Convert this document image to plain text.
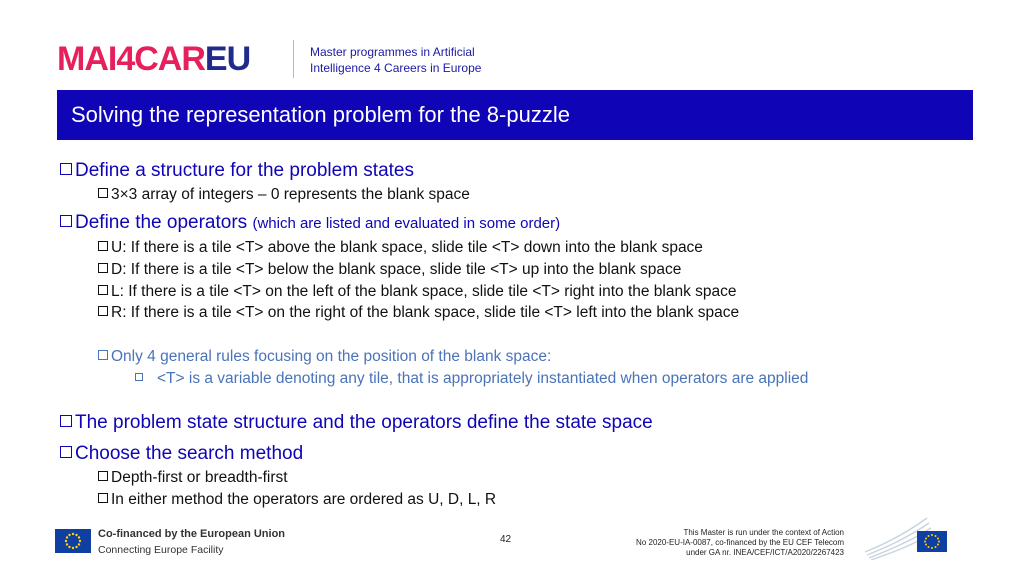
MAI4CAREU	Master programmes in Artificial
Intelligence 4 Careers in Europe
Solving the representation problem for the 8-puzzle
Define a structure for the problem states
3×3 array of integers – 0 represents the blank space
Define the operators (which are listed and evaluated in some order)
U: If there is a tile <T> above the blank space, slide tile <T> down into the blank space
D: If there is a tile <T> below the blank space, slide tile <T> up into the blank space
L: If there is a tile <T> on the left of the blank space, slide tile <T> right into the blank space
R: If there is a tile <T> on the right of the blank space, slide tile <T> left into the blank space
Only 4 general rules focusing on the position of the blank space:
<T> is a variable denoting any tile, that is appropriately instantiated when operators are applied
The problem state structure and the operators define the state space
Choose the search method
Depth-first or breadth-first
In either method the operators are ordered as U, D, L, R
Co-financed by the European Union
Connecting Europe Facility
42
This Master is run under the context of Action
No 2020-EU-IA-0087, co-financed by the EU CEF Telecom
under GA nr. INEA/CEF/ICT/A2020/2267423
